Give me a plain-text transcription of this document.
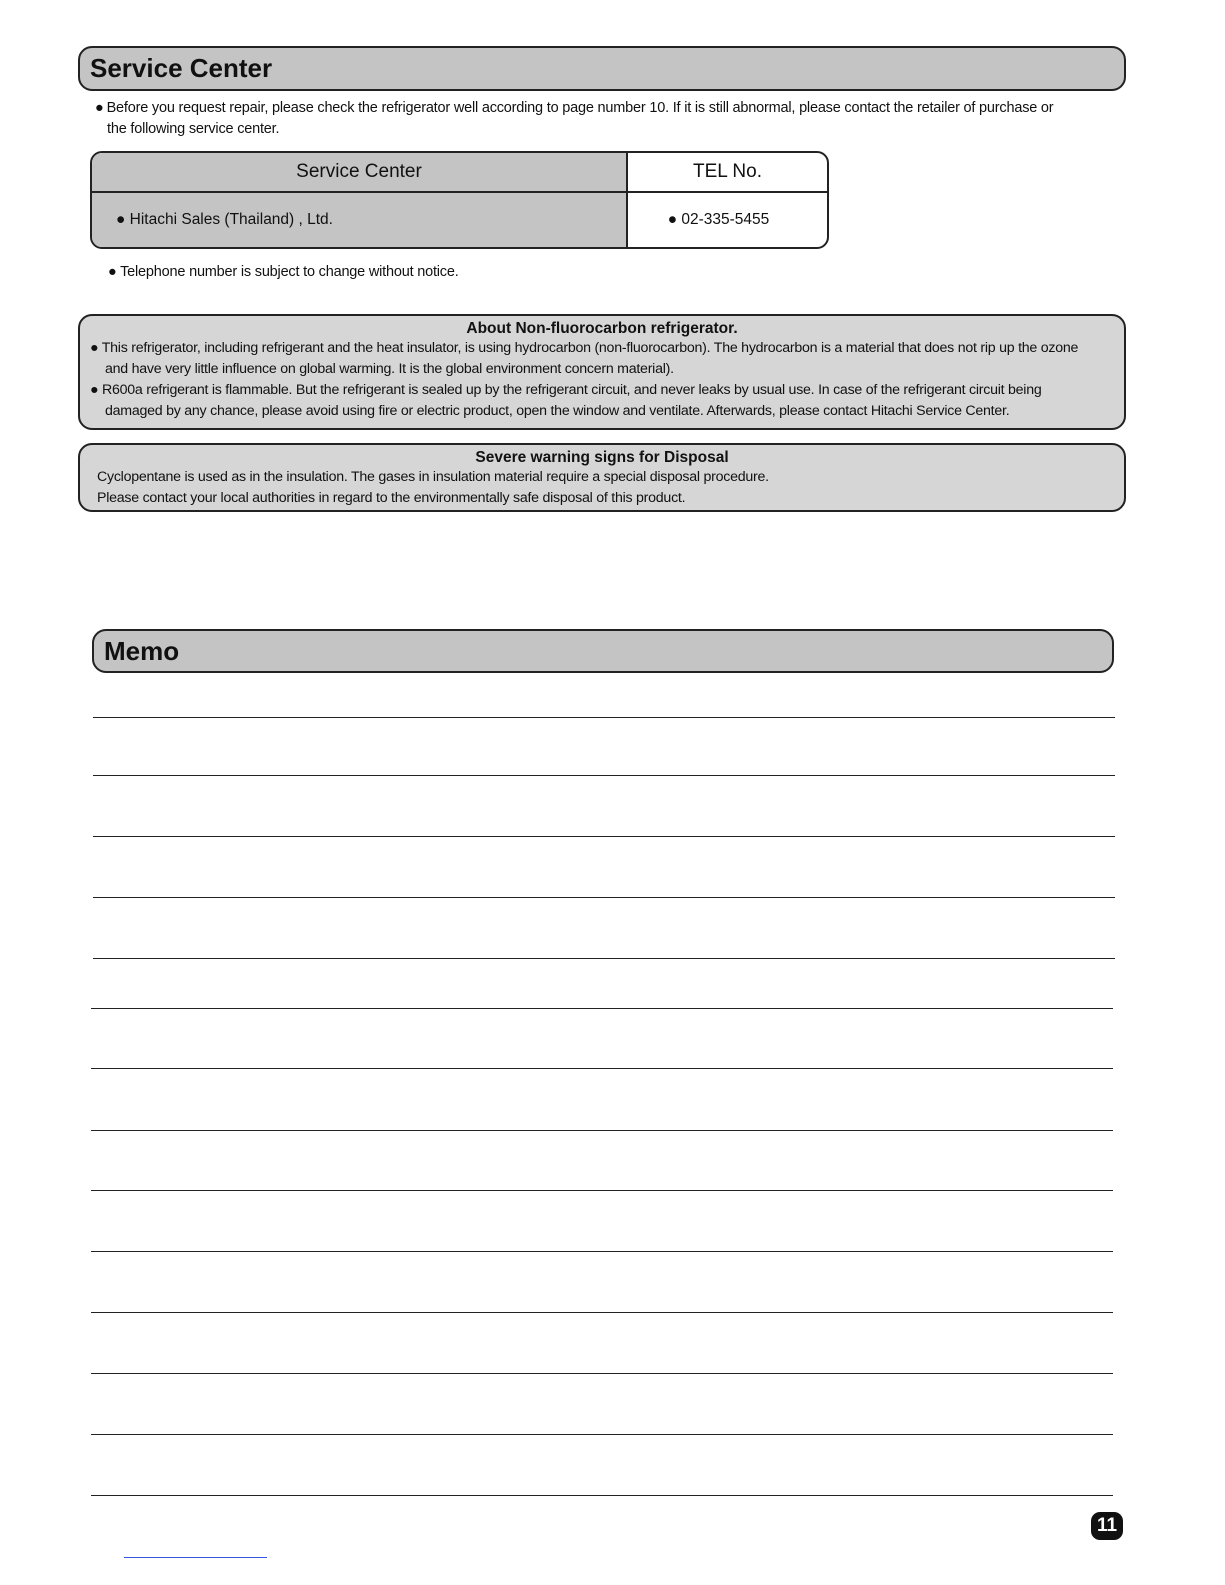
Service Center
● Before you request repair, please check the refrigerator well according to page number 10. If it is still abnormal, please contact the retailer of purchase or
the following service center.
Service Center	TEL No.
● Hitachi Sales (Thailand) , Ltd.	● 02-335-5455
● Telephone number is subject to change without notice.
About Non-fluorocarbon refrigerator.
● This refrigerator, including refrigerant and the heat insulator, is using hydrocarbon (non-fluorocarbon). The hydrocarbon is a material that does not rip up the ozone
and have very little influence on global warming. It is the global environment concern material).
● R600a refrigerant is flammable. But the refrigerant is sealed up by the refrigerant circuit, and never leaks by usual use. In case of the refrigerant circuit being
damaged by any chance, please avoid using fire or electric product, open the window and ventilate. Afterwards, please contact Hitachi Service Center.
Severe warning signs for Disposal
Cyclopentane is used as in the insulation. The gases in insulation material require a special disposal procedure.
Please contact your local authorities in regard to the environmentally safe disposal of this product.
Memo
11
